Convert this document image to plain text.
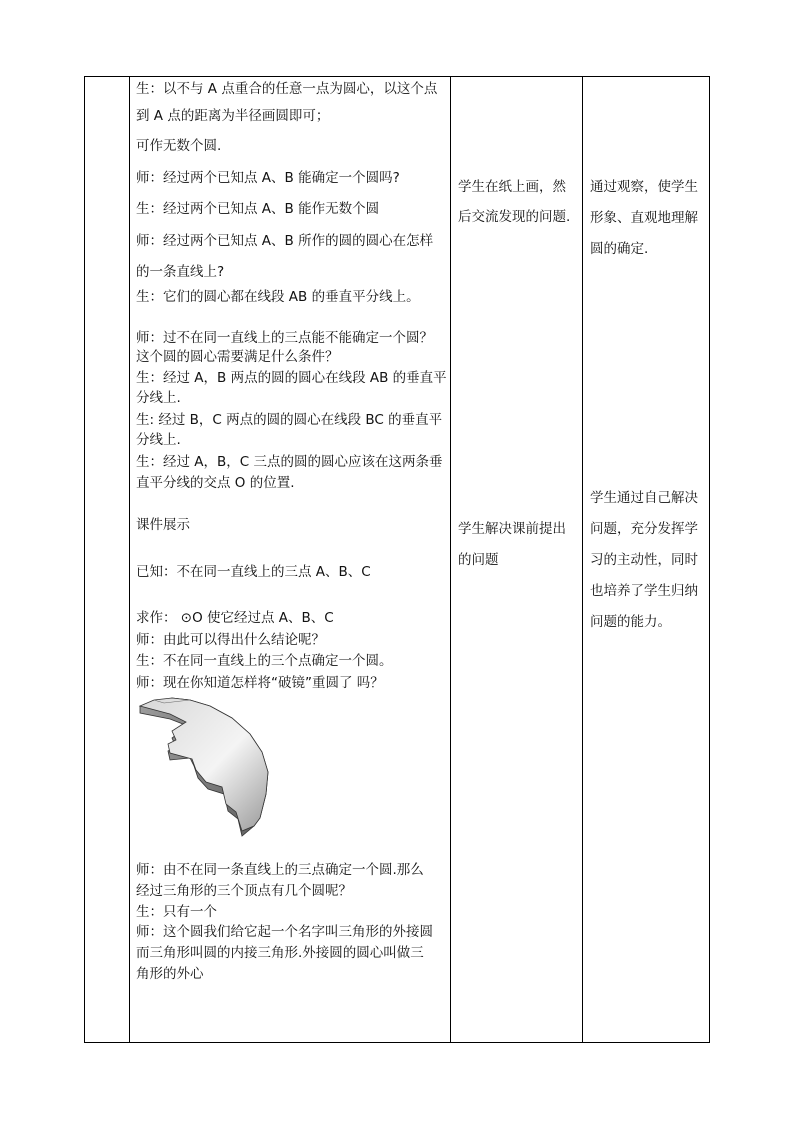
生：以不与 A 点重合的任意一点为圆心，以这个点
到 A 点的距离为半径画圆即可；
可作无数个圆.
师：经过两个已知点 A、B 能确定一个圆吗?
生：经过两个已知点 A、B 能作无数个圆
师：经过两个已知点 A、B 所作的圆的圆心在怎样
的一条直线上?
生：它们的圆心都在线段 AB 的垂直平分线上。
师：过不在同一直线上的三点能不能确定一个圆？
这个圆的圆心需要满足什么条件？
生：经过 A，B 两点的圆的圆心在线段 AB 的垂直平
分线上.
生: 经过 B，C 两点的圆的圆心在线段 BC 的垂直平
分线上.
生：经过 A，B，C 三点的圆的圆心应该在这两条垂
直平分线的交点 O 的位置.
课件展示
已知：不在同一直线上的三点 A、B、C
求作： ⊙O 使它经过点 A、B、C
师：由此可以得出什么结论呢？
生：不在同一直线上的三个点确定一个圆。
师：现在你知道怎样将“破镜”重圆了 吗？
师：由不在同一条直线上的三点确定一个圆.那么
经过三角形的三个顶点有几个圆呢？
生：只有一个
师：这个圆我们给它起一个名字叫三角形的外接圆
而三角形叫圆的内接三角形.外接圆的圆心叫做三
角形的外心
学生在纸上画，然
后交流发现的问题.
学生解决课前提出
的问题
通过观察，使学生
形象、直观地理解
圆的确定.
学生通过自己解决
问题，充分发挥学
习的主动性，同时
也培养了学生归纳
问题的能力。
